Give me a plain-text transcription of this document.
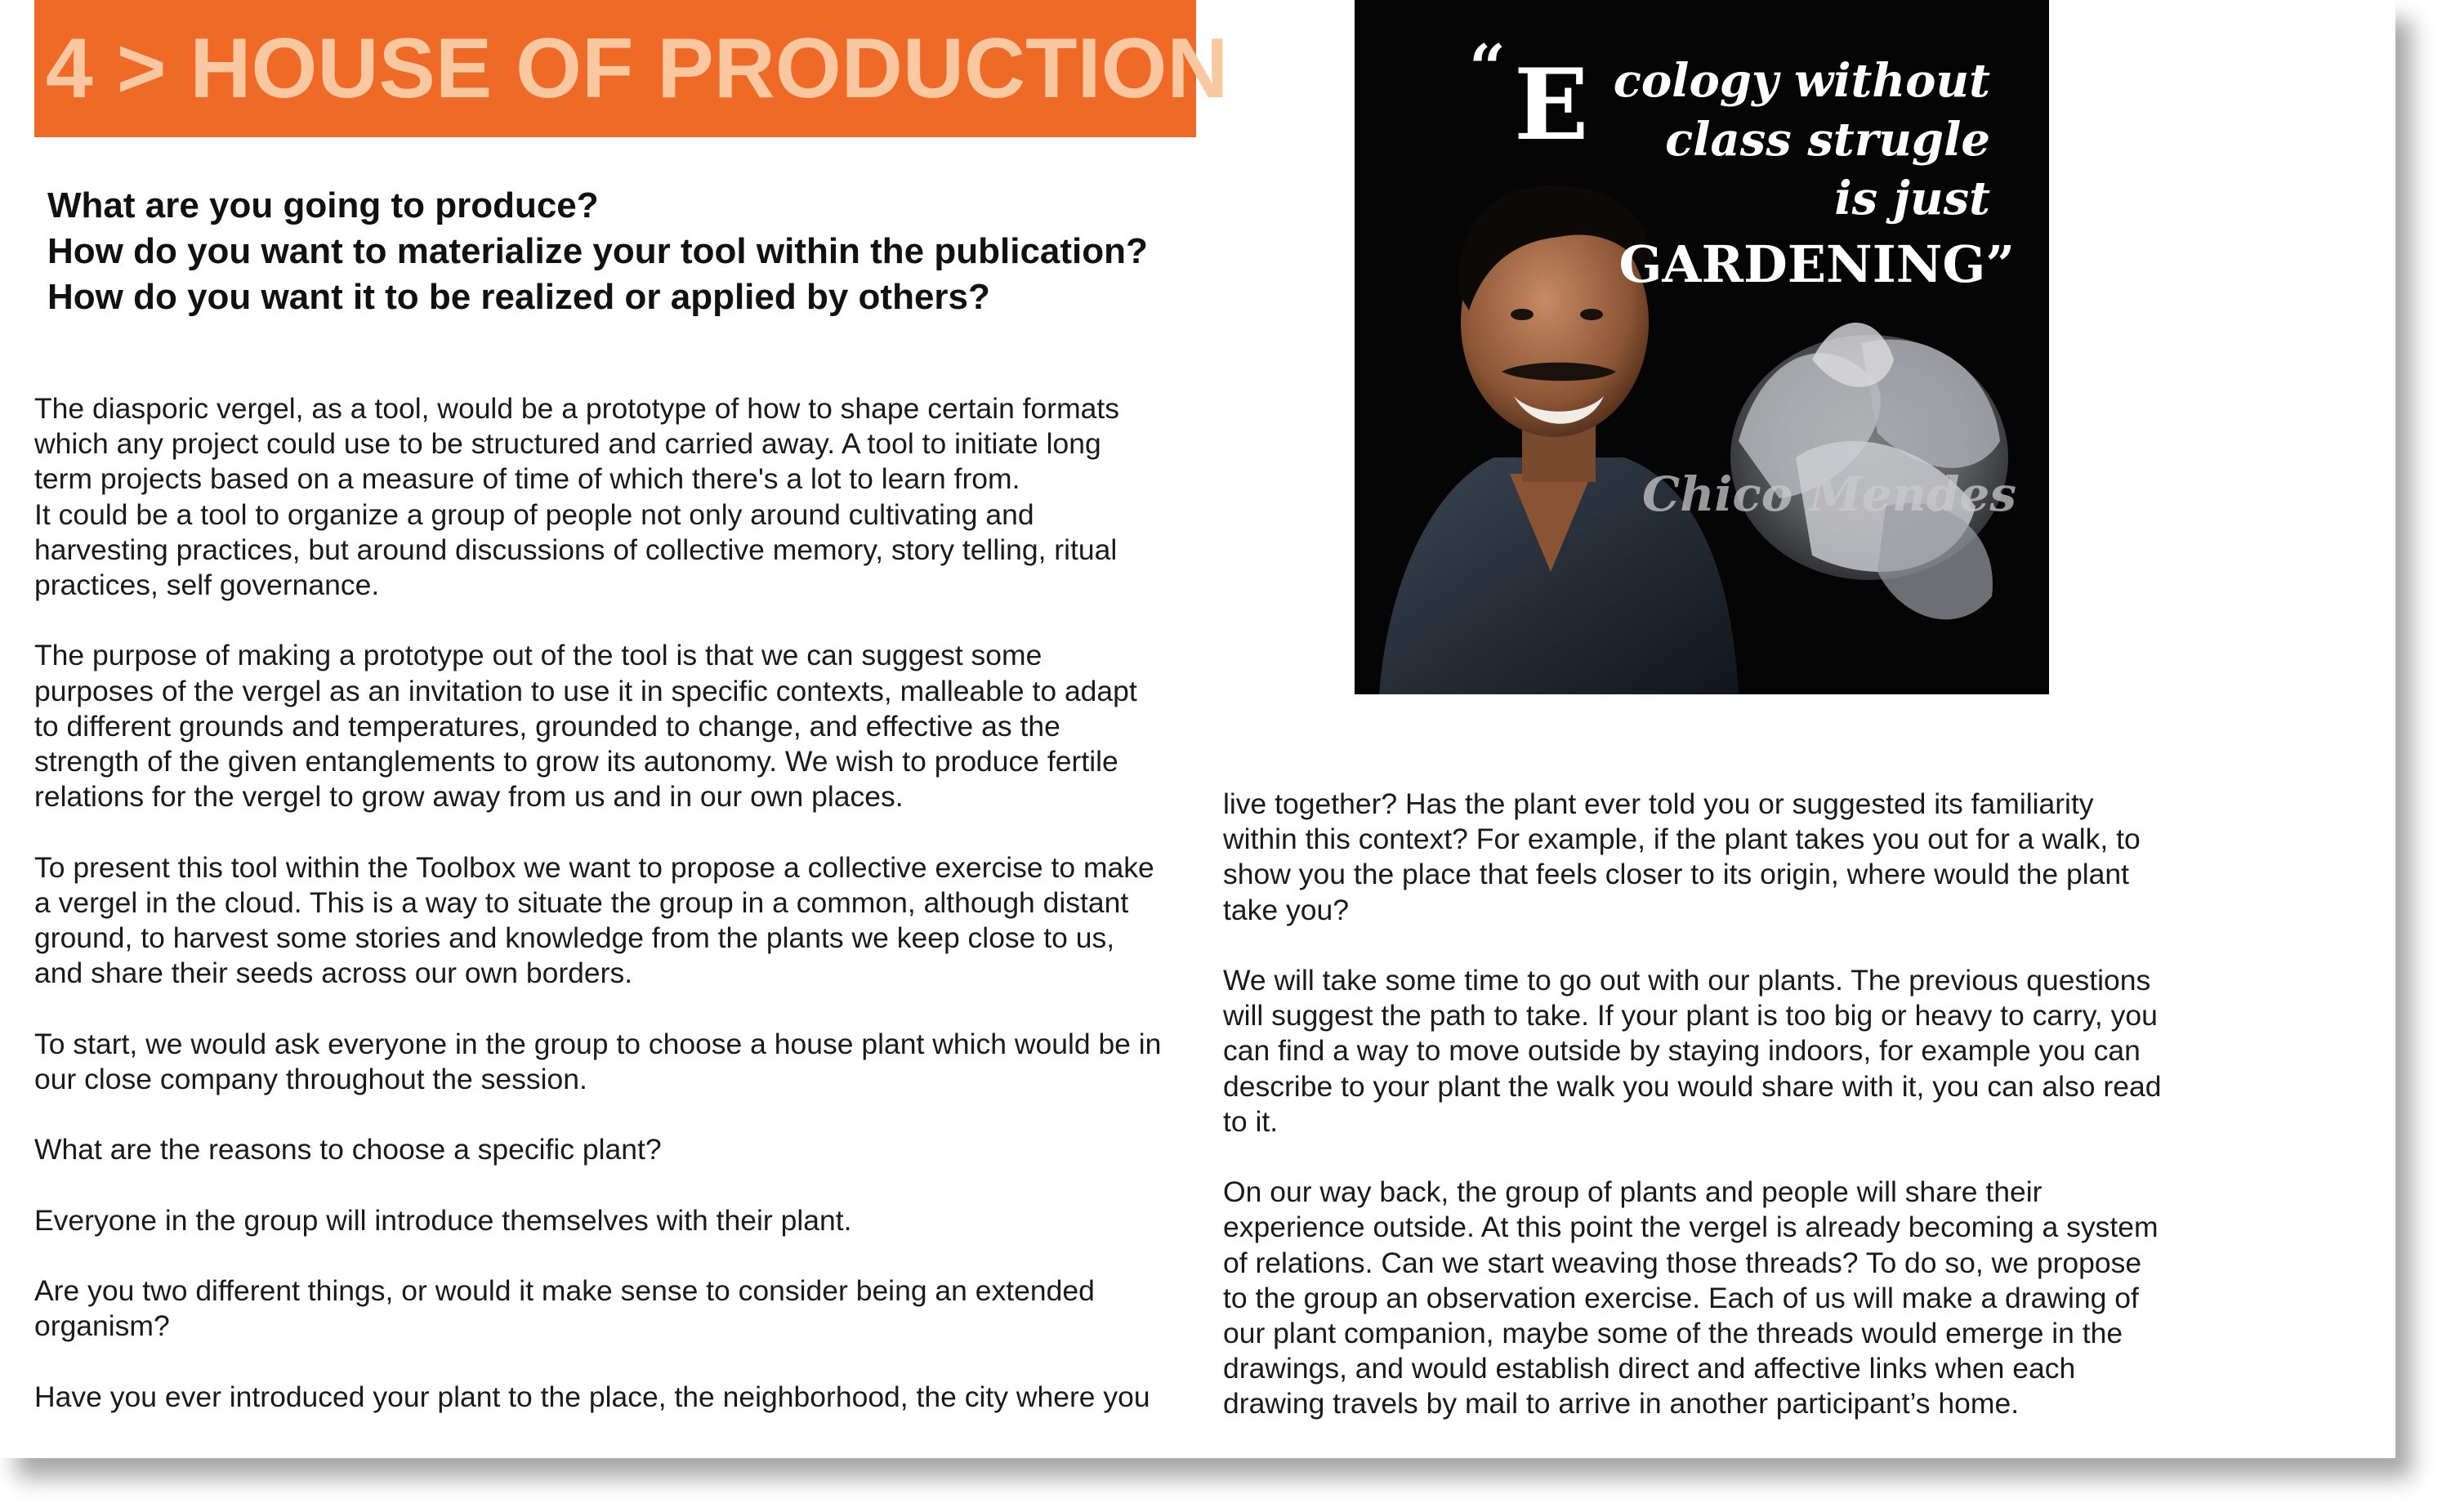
4 > HOUSE OF PRODUCTION
What are you going to produce?
How do you want to materialize your tool within the publication?
How do you want it to be realized or applied by others?

The diasporic vergel, as a tool, would be a prototype of how to shape certain formats
which any project could use to be structured and carried away. A tool to initiate long
term projects based on a measure of time of which there's a lot to learn from.
It could be a tool to organize a group of people not only around cultivating and
harvesting practices, but around discussions of collective memory, story telling, ritual
practices, self governance.

The purpose of making a prototype out of the tool is that we can suggest some
purposes of the vergel as an invitation to use it in specific contexts, malleable to adapt
to different grounds and temperatures, grounded to change, and effective as the
strength of the given entanglements to grow its autonomy. We wish to produce fertile
relations for the vergel to grow away from us and in our own places.

To present this tool within the Toolbox we want to propose a collective exercise to make
a vergel in the cloud. This is a way to situate the group in a common, although distant
ground, to harvest some stories and knowledge from the plants we keep close to us,
and share their seeds across our own borders.

To start, we would ask everyone in the group to choose a house plant which would be in
our close company throughout the session.

What are the reasons to choose a specific plant?

Everyone in the group will introduce themselves with their plant.

Are you two different things, or would it make sense to consider being an extended
organism?

Have you ever introduced your plant to the place, the neighborhood, the city where you

live together? Has the plant ever told you or suggested its familiarity
within this context? For example, if the plant takes you out for a walk, to
show you the place that feels closer to its origin, where would the plant
take you?

We will take some time to go out with our plants. The previous questions
will suggest the path to take. If your plant is too big or heavy to carry, you
can find a way to move outside by staying indoors, for example you can
describe to your plant the walk you would share with it, you can also read
to it.

On our way back, the group of plants and people will share their
experience outside. At this point the vergel is already becoming a system
of relations. Can we start weaving those threads? To do so, we propose
to the group an observation exercise. Each of us will make a drawing of
our plant companion, maybe some of the threads would emerge in the
drawings, and would establish direct and affective links when each
drawing travels by mail to arrive in another participant’s home.

“ E cology without
class strugle
is just
GARDENING”
Chico Mendes
